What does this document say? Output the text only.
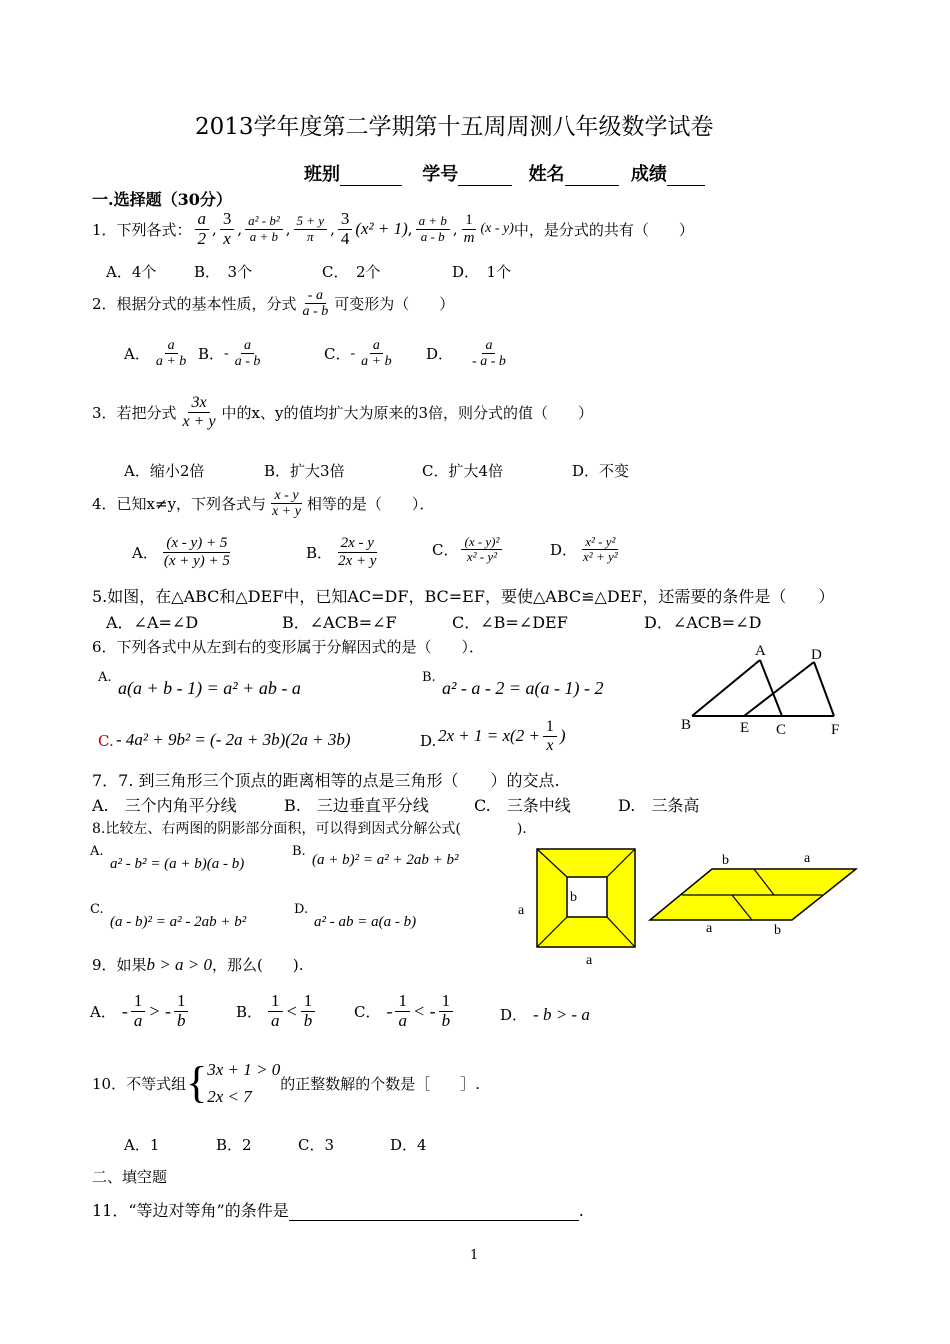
2013学年度第二学期第十五周周测八年级数学试卷
班别	学号	姓名	成绩
一.选择题（30分）
1．下列各式： $\frac{a}{2}$ , $\frac{3}{x}$ , $\frac{\text{a² - b²}}{a + b}$ , $\frac{5 + y}{\pi}$ , $\frac{3}{4} (x^2 + 1)$ , $\frac{a + b}{a - b}$ , $\frac{1}{m} (x - y)$ 中，是分式的共有（　　）
A．4个	B．　3个	C．　2个	D．　1个
2．根据分式的基本性质，分式 $\frac{- a}{a - b}$ 可变形为（　　）
A． $\frac{a}{a + b}$ B． - $\frac{a}{a - b}$	C． - $\frac{a}{a + b}$ D． $\frac{a}{- a - b}$
3．若把分式 $\frac{3x}{x + y}$ 中的x、y的值均扩大为原来的3倍，则分式的值（　　）
A．缩小2倍	B．扩大3倍	C．扩大4倍	D．不变
4．已知x≠y，下列各式与 $\frac{x - y}{x + y}$ 相等的是（　　）．
A． $\frac{(x - y) + 5}{(x + y) + 5}$	B． $\frac{2x - y}{2x + y}$	C． $\frac{\text{(x - y)²}}{\text{x² - y²}}$	D． $\frac{\text{x² - y²}}{\text{x² + y²}}$
5.如图，在△ABC和△DEF中，已知AC=DF，BC=EF，要使△ABC≌△DEF，还需要的条件是（　　）
A．∠A=∠D	B．∠ACB=∠F	C．∠B=∠DEF	D．∠ACB=∠D
6．下列各式中从左到右的变形属于分解因式的是（　　）．
A.
a(a + b - 1) = a² + ab - a
B.
a² - a - 2 = a(a - 1) - 2
C. - 4a² + 9b² = (- 2a + 3b)(2a + 3b)	D. $2x + 1 = x(2 + \frac{1}{x}$ )
A	D
B	E C	F
7．7. 到三角形三个顶点的距离相等的点是三角形（　　）的交点.
A.　三个内角平分线	B.　三边垂直平分线	C.　三条中线	D.　三条高
8.比较左、右两图的阴影部分面积，可以得到因式分解公式(　　　　).
A.
a² - b² = (a + b)(a - b)
B.
(a + b)² = a² + 2ab + b²
C.
(a - b)² = a² - 2ab + b²
D.
a² - ab = a(a - b)
b
a
a
b	a
a	b
9．如果 b > a > 0 ，那么(　　).
A． - $\frac{1}{a}$ > - $\frac{1}{b}$	B． $\frac{1}{a} < \frac{1}{b}$	C． - $\frac{1}{a}$ < - $\frac{1}{b}$	D． - b > - a
10．不等式组 { 3x + 1 > 0
2x < 7
的正整数解的个数是［　　］.
A．1	B．2	C．3	D．4
二、填空题
11．“等边对等角”的条件是	.
1
